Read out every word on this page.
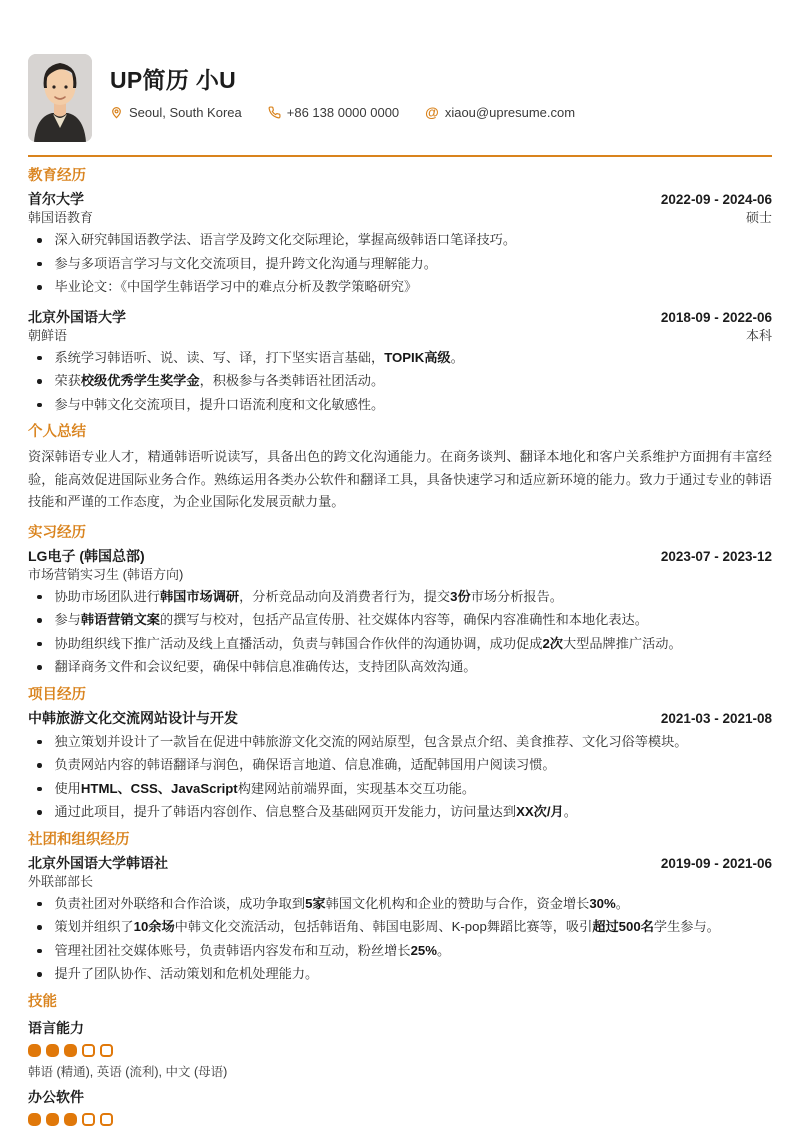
UP简历 小U
Seoul, South Korea	+86 138 0000 0000 @ xiaou@upresume.com
教育经历
首尔大学	2022-09 - 2024-06
韩国语教育	硕士
深入研究韩国语教学法、语言学及跨文化交际理论，掌握高级韩语口笔译技巧。
参与多项语言学习与文化交流项目，提升跨文化沟通与理解能力。
毕业论文：《中国学生韩语学习中的难点分析及教学策略研究》
北京外国语大学	2018-09 - 2022-06
朝鲜语	本科
系统学习韩语听、说、读、写、译，打下坚实语言基础，TOPIK高级。
荣获校级优秀学生奖学金，积极参与各类韩语社团活动。
参与中韩文化交流项目，提升口语流利度和文化敏感性。
个人总结

资深韩语专业人才，精通韩语听说读写，具备出色的跨文化沟通能力。在商务谈判、翻译本地化和客户关系维护方面拥有丰富经验，能高效促进国际业务合作。熟练运用各类办公软件和翻译工具，具备快速学习和适应新环境的能力。致力于通过专业的韩语技能和严谨的工作态度，为企业国际化发展贡献力量。

实习经历
LG电子 (韩国总部)	2023-07 - 2023-12
市场营销实习生 (韩语方向)
协助市场团队进行韩国市场调研，分析竞品动向及消费者行为，提交3份市场分析报告。
参与韩语营销文案的撰写与校对，包括产品宣传册、社交媒体内容等，确保内容准确性和本地化表达。
协助组织线下推广活动及线上直播活动，负责与韩国合作伙伴的沟通协调，成功促成2次大型品牌推广活动。
翻译商务文件和会议纪要，确保中韩信息准确传达，支持团队高效沟通。
项目经历
中韩旅游文化交流网站设计与开发	2021-03 - 2021-08
独立策划并设计了一款旨在促进中韩旅游文化交流的网站原型，包含景点介绍、美食推荐、文化习俗等模块。
负责网站内容的韩语翻译与润色，确保语言地道、信息准确，适配韩国用户阅读习惯。
使用HTML、CSS、JavaScript构建网站前端界面，实现基本交互功能。
通过此项目，提升了韩语内容创作、信息整合及基础网页开发能力，访问量达到XX次/月。
社团和组织经历
北京外国语大学韩语社	2019-09 - 2021-06
外联部部长
负责社团对外联络和合作洽谈，成功争取到5家韩国文化机构和企业的赞助与合作，资金增长30%。
策划并组织了10余场中韩文化交流活动，包括韩语角、韩国电影周、K-pop舞蹈比赛等，吸引超过500名学生参与。
管理社团社交媒体账号，负责韩语内容发布和互动，粉丝增长25%。
提升了团队协作、活动策划和危机处理能力。
技能
语言能力
韩语 (精通), 英语 (流利), 中文 (母语)
办公软件
